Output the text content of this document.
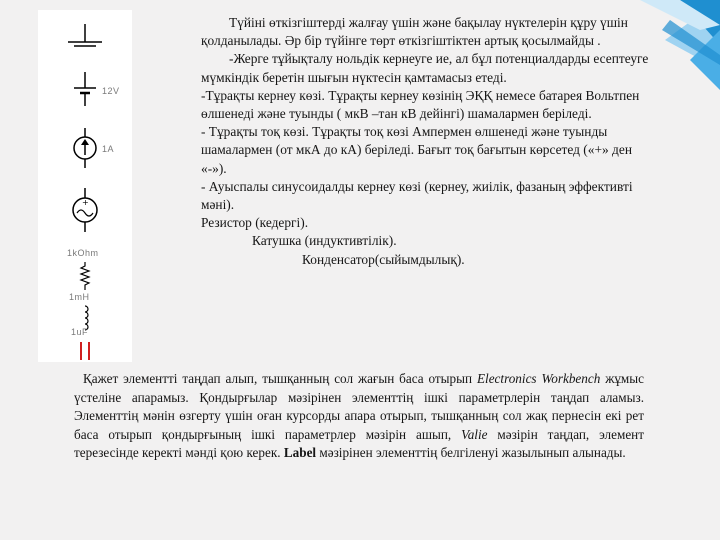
+
12V
1A
1kOhm
1mH
1uF

Түйіні өткізгіштерді жалғау үшін және бақылау нүктелерін құру үшін қолданылады. Әр бір түйінге төрт өткізгіштіктен артық қосылмайды .

-Жерге тұйықталу нольдік кернеуге ие, ал бұл потенциалдарды есептеуге мүмкіндік беретін шығын нүктесін қамтамасыз етеді.

-Тұрақты кернеу көзі. Тұрақты кернеу көзінің ЭҚҚ немесе батарея Вольтпен өлшенеді және туынды ( мкВ –тан кВ дейінгі) шамалармен беріледі.

- Тұрақты тоқ көзі. Тұрақты тоқ көзі Ампермен өлшенеді және туынды шамалармен (от мкА до кА) беріледі. Бағыт тоқ бағытын көрсетед («+» ден «-»).

- Ауыспалы синусоидалды кернеу көзі (кернеу, жиілік, фазаның эффективті мәні).

Резистор (кедергі).

Катушка (индуктивтілік).

Конденсатор(сыйымдылық).

Қажет элементті таңдап алып, тышқанның сол жағын баса отырып Electronics Workbench жұмыс үстеліне апарамыз. Қондырғылар мәзірінен элементтің ішкі параметрлерін таңдап аламыз. Элементтің мәнін өзгерту үшін оған курсорды апара отырып, тышқанның сол жақ пернесін екі рет баса отырып қондырғының ішкі параметрлер мәзірін ашып, Valie мәзірін таңдап, элемент терезесінде керекті мәнді қою керек. Label мәзірінен элементтің белгіленуі жазылынып алынады.
